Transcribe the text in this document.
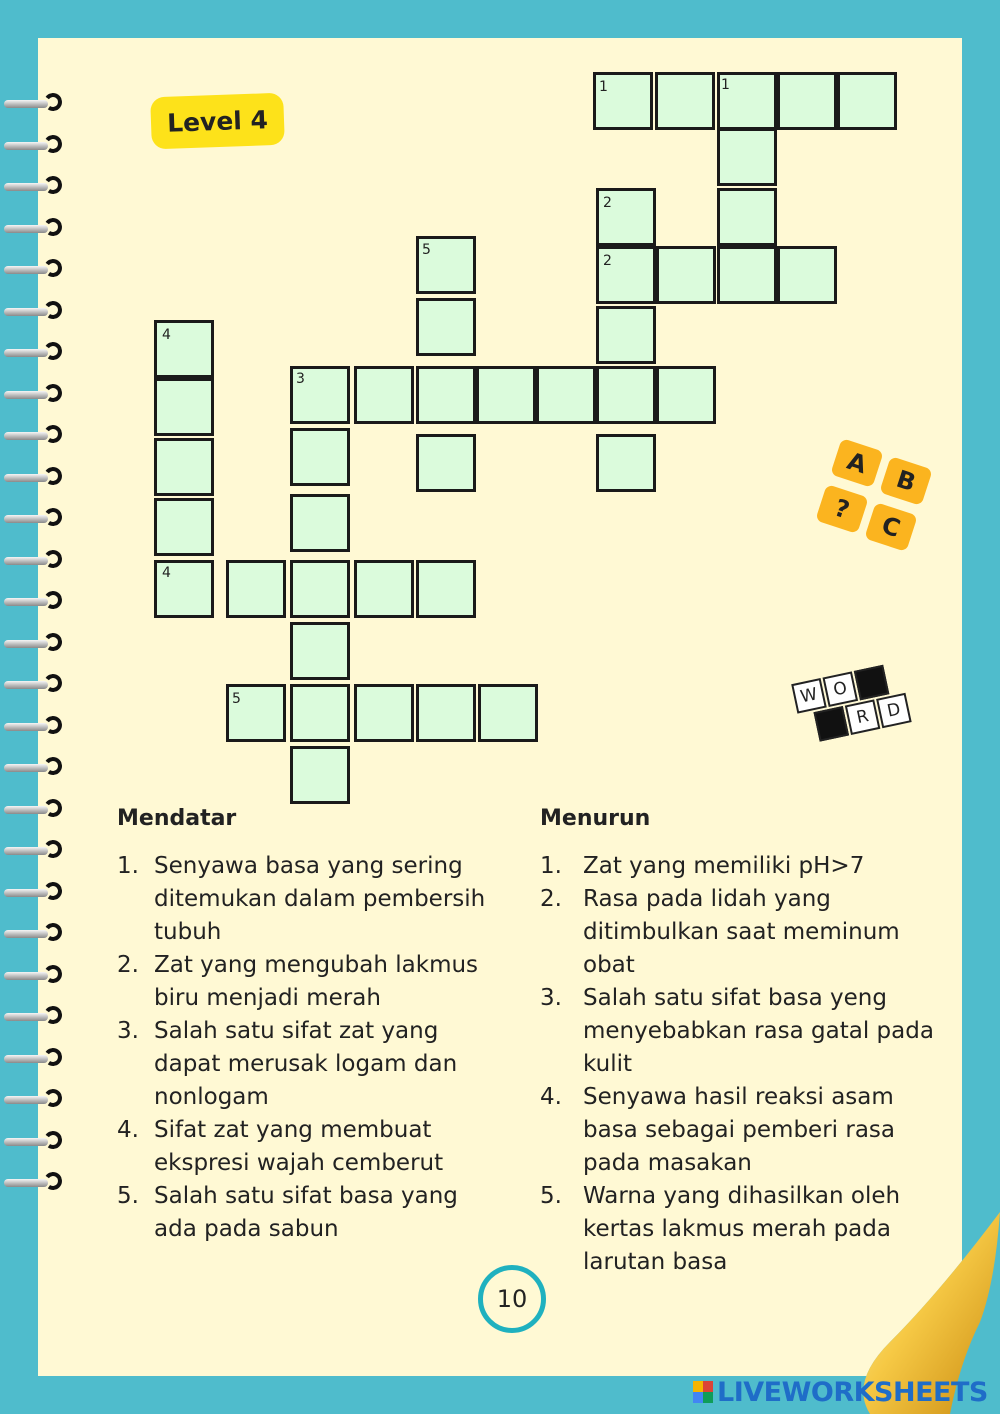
Level 4
1	1
2
2
5
4
3
4
5
A
B
?
C
W O
R D
Mendatar
1. Senyawa basa yang sering ditemukan dalam pembersih tubuh
2. Zat yang mengubah lakmus biru menjadi merah
3. Salah satu sifat zat yang dapat merusak logam dan nonlogam
4. Sifat zat yang membuat ekspresi wajah cemberut
5. Salah satu sifat basa yang ada pada sabun
Menurun
1. Zat yang memiliki pH>7
2. Rasa pada lidah yang ditimbulkan saat meminum obat
3. Salah satu sifat basa yeng menyebabkan rasa gatal pada kulit
4. Senyawa hasil reaksi asam basa sebagai pemberi rasa pada masakan
5. Warna yang dihasilkan oleh kertas lakmus merah pada larutan basa
10
LIVEWORKSHEETS
